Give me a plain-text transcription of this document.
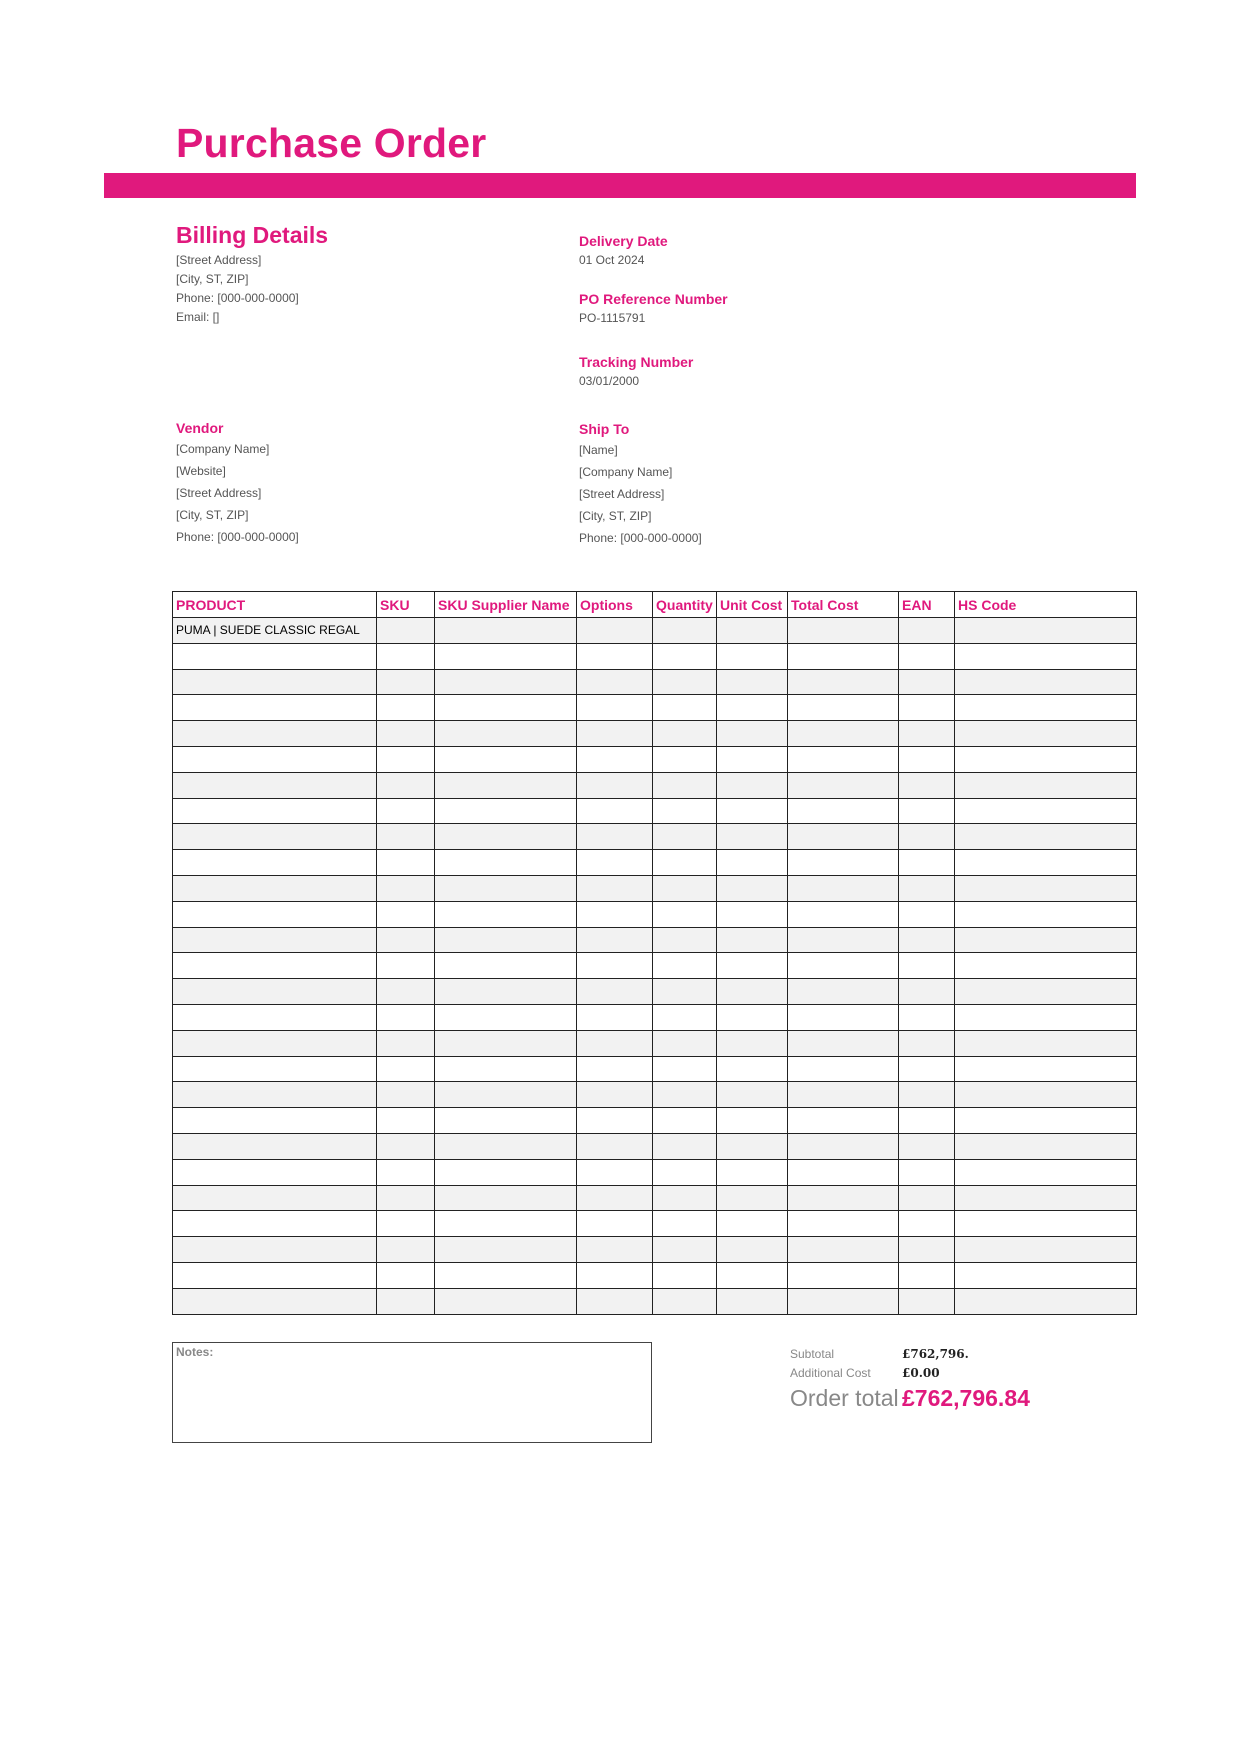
Purchase Order
Billing Details
[Street Address]
[City, ST, ZIP]
Phone: [000-000-0000]
Email: []
Delivery Date
01 Oct 2024
PO Reference Number
PO-1115791
Tracking Number
03/01/2000
Vendor
[Company Name]
[Website]
[Street Address]
[City, ST, ZIP]
Phone: [000-000-0000]
Ship To
[Name]
[Company Name]
[Street Address]
[City, ST, ZIP]
Phone: [000-000-0000]
PRODUCT	SKU	SKU Supplier Name	Options	Quantity	Unit Cost	Total Cost	EAN	HS Code
PUMA | SUEDE CLASSIC REGAL								

Notes:	Subtotal	£762,796.
Additional Cost	£0.00
Order total £762,796.84
